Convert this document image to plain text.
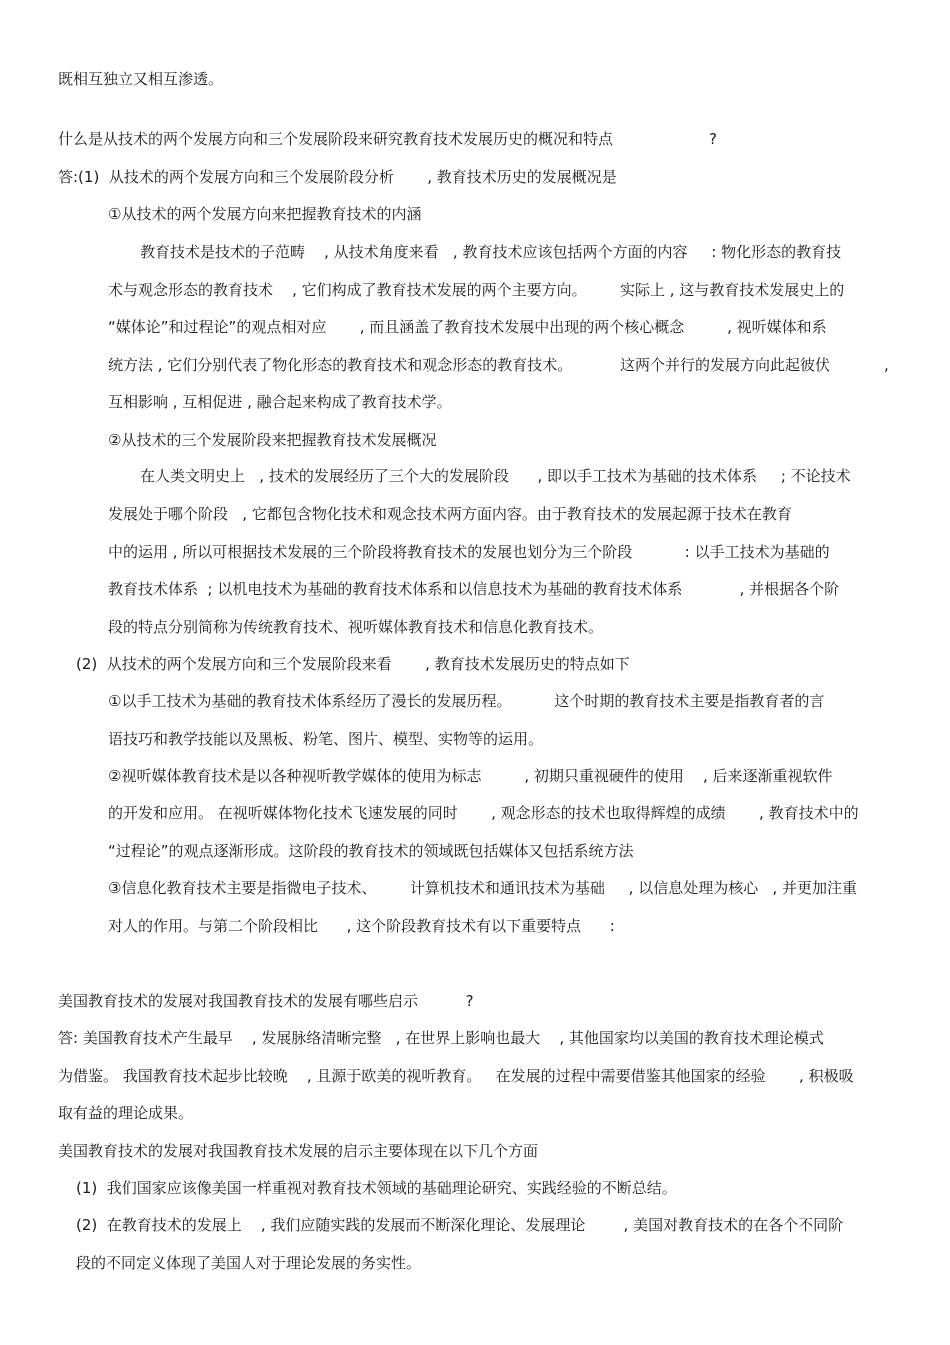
既相互独立又相互渗透。
什么是从技术的两个发展方向和三个发展阶段来研究教育技术发展历史的概况和特点	?
答:(1)  从技术的两个发展方向和三个发展阶段分析       , 教育技术历史的发展概况是
①从技术的两个发展方向来把握教育技术的内涵
教育技术是技术的子范畴    , 从技术角度来看   , 教育技术应该包括两个方面的内容     : 物化形态的教育技
术与观念形态的教育技术    , 它们构成了教育技术发展的两个主要方向。       实际上 , 这与教育技术发展史上的
“媒体论”和过程论”的观点相对应       , 而且涵盖了教育技术发展中出现的两个核心概念         , 视听媒体和系
统方法 , 它们分别代表了物化形态的教育技术和观念形态的教育技术。          这两个并行的发展方向此起彼伏	,
互相影响 , 互相促进 , 融合起来构成了教育技术学。
②从技术的三个发展阶段来把握教育技术发展概况
在人类文明史上   , 技术的发展经历了三个大的发展阶段      , 即以手工技术为基础的技术体系     ; 不论技术
发展处于哪个阶段   , 它都包含物化技术和观念技术两方面内容。由于教育技术的发展起源于技术在教育
中的运用 , 所以可根据技术发展的三个阶段将教育技术的发展也划分为三个阶段           : 以手工技术为基础的
教育技术体系  ; 以机电技术为基础的教育技术体系和以信息技术为基础的教育技术体系            , 并根据各个阶
段的特点分别简称为传统教育技术、视听媒体教育技术和信息化教育技术。
(2)  从技术的两个发展方向和三个发展阶段来看       , 教育技术发展历史的特点如下
①以手工技术为基础的教育技术体系经历了漫长的发展历程。         这个时期的教育技术主要是指教育者的言
语技巧和教学技能以及黑板、粉笔、图片、模型、实物等的运用。
②视听媒体教育技术是以各种视听教学媒体的使用为标志         , 初期只重视硬件的使用    , 后来逐渐重视软件
的开发和应用。 在视听媒体物化技术飞速发展的同时       , 观念形态的技术也取得辉煌的成绩       , 教育技术中的
“过程论”的观点逐渐形成。这阶段的教育技术的领域既包括媒体又包括系统方法
③信息化教育技术主要是指微电子技术、       计算机技术和通讯技术为基础     , 以信息处理为核心   , 并更加注重
对人的作用。与第二个阶段相比      , 这个阶段教育技术有以下重要特点      :
美国教育技术的发展对我国教育技术的发展有哪些启示          ?
答: 美国教育技术产生最早    , 发展脉络清晰完整   , 在世界上影响也最大    , 其他国家均以美国的教育技术理论模式
为借鉴。 我国教育技术起步比较晚    , 且源于欧美的视听教育。   在发展的过程中需要借鉴其他国家的经验       , 积极吸
取有益的理论成果。
美国教育技术的发展对我国教育技术发展的启示主要体现在以下几个方面
(1)  我们国家应该像美国一样重视对教育技术领域的基础理论研究、实践经验的不断总结。
(2)  在教育技术的发展上    , 我们应随实践的发展而不断深化理论、发展理论        , 美国对教育技术的在各个不同阶
段的不同定义体现了美国人对于理论发展的务实性。
